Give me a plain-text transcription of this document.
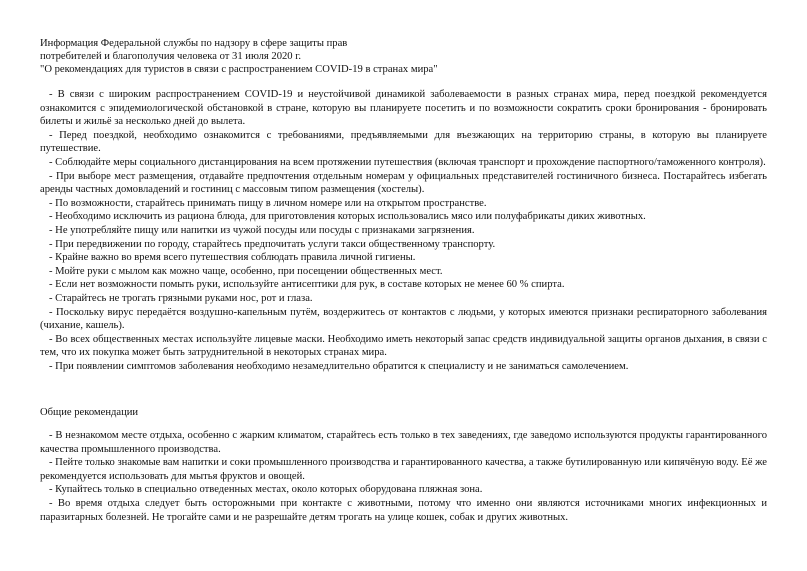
Информация Федеральной службы по надзору в сфере защиты прав
потребителей и благополучия человека от 31 июля 2020 г.
"О рекомендациях для туристов в связи с распространением COVID-19 в странах мира"

- В связи с широким распространением COVID-19 и неустойчивой динамикой заболеваемости в разных странах мира, перед поездкой рекомендуется ознакомится с эпидемиологической обстановкой в стране, которую вы планируете посетить и по возможности сократить сроки бронирования - бронировать билеты и жильё за несколько дней до вылета.

- Перед поездкой, необходимо ознакомится с требованиями, предъявляемыми для въезжающих на территорию страны, в которую вы планируете путешествие.

- Соблюдайте меры социального дистанцирования на всем протяжении путешествия (включая транспорт и прохождение паспортного/таможенного контроля).

- При выборе мест размещения, отдавайте предпочтения отдельным номерам у официальных представителей гостиничного бизнеса. Постарайтесь избегать аренды частных домовладений и гостиниц с массовым типом размещения (хостелы).

- По возможности, старайтесь принимать пищу в личном номере или на открытом пространстве.

- Необходимо исключить из рациона блюда, для приготовления которых использовались мясо или полуфабрикаты диких животных.

- Не употребляйте пищу или напитки из чужой посуды или посуды с признаками загрязнения.

- При передвижении по городу, старайтесь предпочитать услуги такси общественному транспорту.

- Крайне важно во время всего путешествия соблюдать правила личной гигиены.

- Мойте руки с мылом как можно чаще, особенно, при посещении общественных мест.

- Если нет возможности помыть руки, используйте антисептики для рук, в составе которых не менее 60 % спирта.

- Старайтесь не трогать грязными руками нос, рот и глаза.

- Поскольку вирус передаётся воздушно-капельным путём, воздержитесь от контактов с людьми, у которых имеются признаки респираторного заболевания (чихание, кашель).

- Во всех общественных местах используйте лицевые маски. Необходимо иметь некоторый запас средств индивидуальной защиты органов дыхания, в связи с тем, что их покупка может быть затруднительной в некоторых странах мира.

- При появлении симптомов заболевания необходимо незамедлительно обратится к специалисту и не заниматься самолечением.

Общие рекомендации

- В незнакомом месте отдыха, особенно с жарким климатом, старайтесь есть только в тех заведениях, где заведомо используются продукты гарантированного качества промышленного производства.

- Пейте только знакомые вам напитки и соки промышленного производства и гарантированного качества, а также бутилированную или кипячёную воду. Её же рекомендуется использовать для мытья фруктов и овощей.

- Купайтесь только в специально отведенных местах, около которых оборудована пляжная зона.

- Во время отдыха следует быть осторожными при контакте с животными, потому что именно они являются источниками многих инфекционных и паразитарных болезней. Не трогайте сами и не разрешайте детям трогать на улице кошек, собак и других животных.
